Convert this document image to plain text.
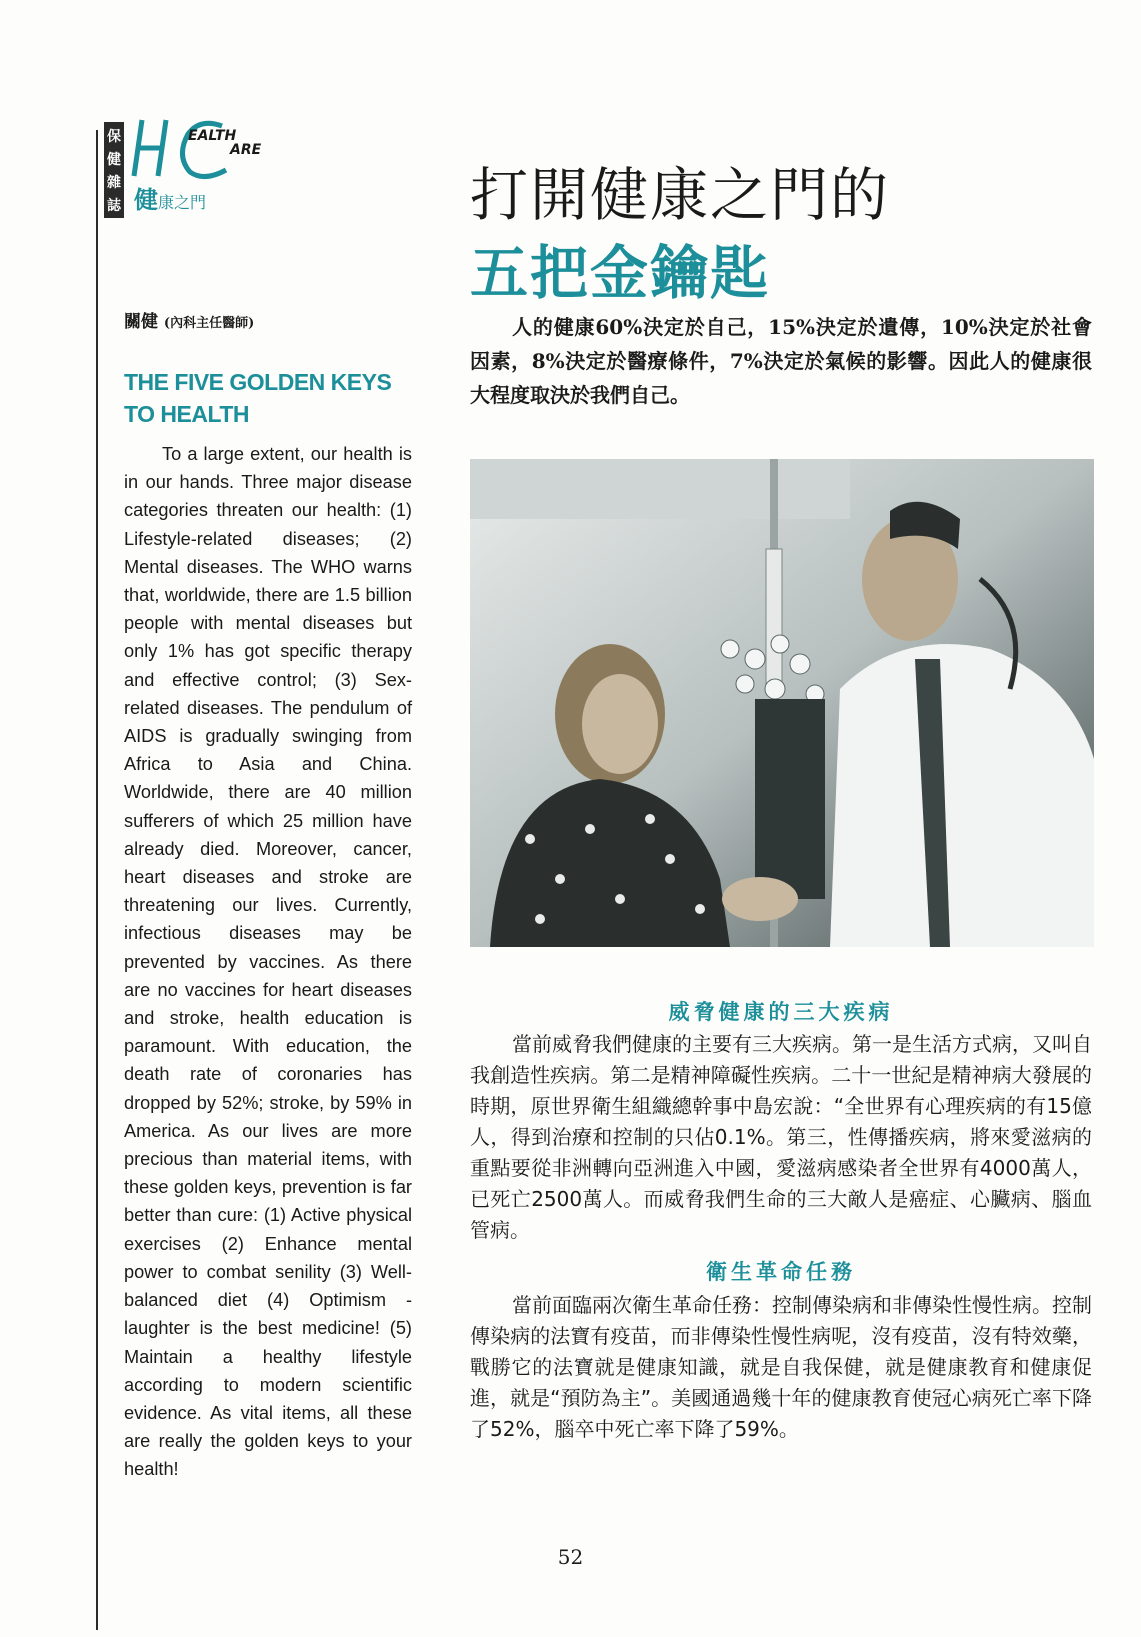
保
健
雜
誌
EALTH
ARE
健康之門	打開健康之門的
五把金鑰匙
關健 (內科主任醫師)
THE FIVE GOLDEN KEYS TO HEALTH
To a large extent, our health is in our hands. Three major disease categories threaten our health: (1) Lifestyle-related diseases; (2) Mental diseases. The WHO warns that, worldwide, there are 1.5 billion people with mental diseases but only 1% has got specific therapy and effective control; (3) Sex-related diseases. The pendulum of AIDS is gradually swinging from Africa to Asia and China. Worldwide, there are 40 million sufferers of which 25 million have already died. Moreover, cancer, heart diseases and stroke are threatening our lives. Currently, infectious diseases may be prevented by vaccines. As there are no vaccines for heart diseases and stroke, health education is paramount. With education, the death rate of coronaries has dropped by 52%; stroke, by 59% in America. As our lives are more precious than material items, with these golden keys, prevention is far better than cure: (1) Active physical exercises (2) Enhance mental power to combat senility (3) Well-balanced diet (4) Optimism - laughter is the best medicine! (5) Maintain a healthy lifestyle according to modern scientific evidence. As vital items, all these are really the golden keys to your health!
人的健康60%決定於自己，15%決定於遺傳，10%決定於社會因素，8%決定於醫療條件，7%決定於氣候的影響。因此人的健康很大程度取決於我們自己。
威脅健康的三大疾病
當前威脅我們健康的主要有三大疾病。第一是生活方式病，又叫自我創造性疾病。第二是精神障礙性疾病。二十一世紀是精神病大發展的時期，原世界衛生組織總幹事中島宏說：“全世界有心理疾病的有15億人，得到治療和控制的只佔0.1%。第三，性傳播疾病，將來愛滋病的重點要從非洲轉向亞洲進入中國，愛滋病感染者全世界有4000萬人，已死亡2500萬人。而威脅我們生命的三大敵人是癌症、心臟病、腦血管病。
衛生革命任務
當前面臨兩次衛生革命任務：控制傳染病和非傳染性慢性病。控制傳染病的法寶有疫苗，而非傳染性慢性病呢，沒有疫苗，沒有特效藥，戰勝它的法寶就是健康知識，就是自我保健，就是健康教育和健康促進，就是“預防為主”。美國通過幾十年的健康教育使冠心病死亡率下降了52%，腦卒中死亡率下降了59%。
52
